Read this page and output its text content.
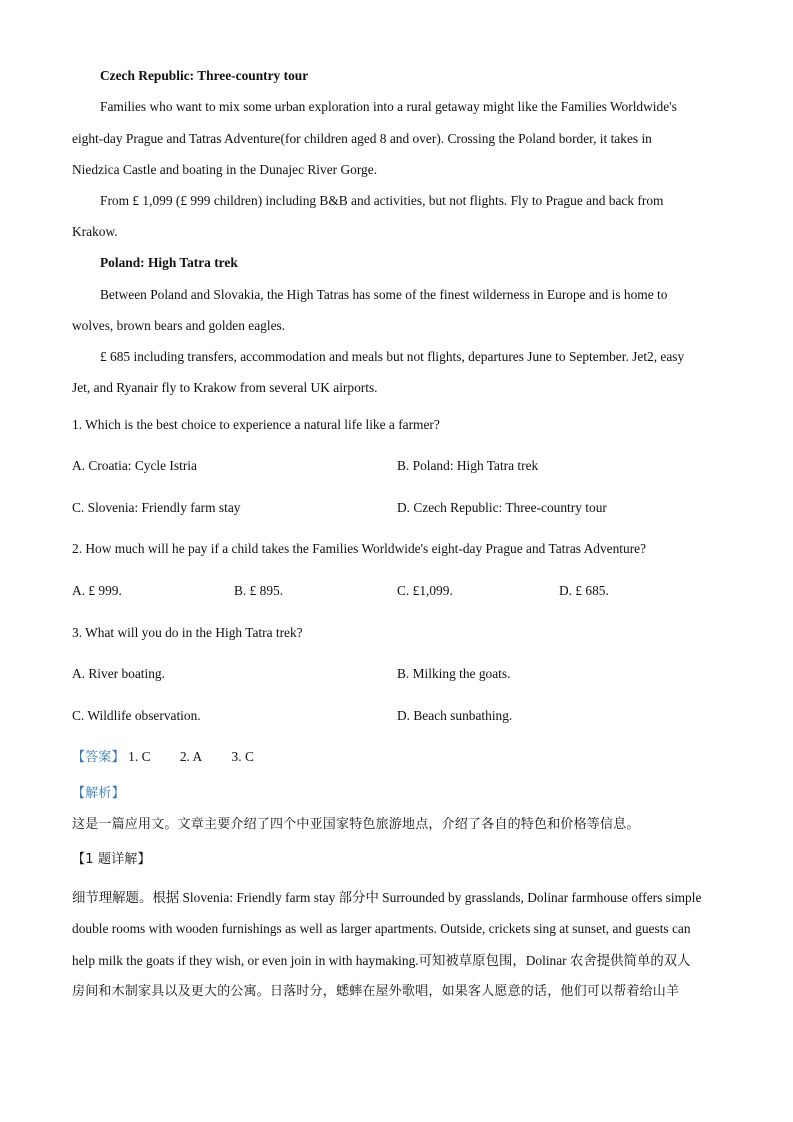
Czech Republic: Three-country tour
Families who want to mix some urban exploration into a rural getaway might like the Families Worldwide's
eight-day Prague and Tatras Adventure(for children aged 8 and over). Crossing the Poland border, it takes in
Niedzica Castle and boating in the Dunajec River Gorge.
From £ 1,099 (£ 999 children) including B&B and activities, but not flights. Fly to Prague and back from
Krakow.
Poland: High Tatra trek
Between Poland and Slovakia, the High Tatras has some of the finest wilderness in Europe and is home to
wolves, brown bears and golden eagles.
£ 685 including transfers, accommodation and meals but not flights, departures June to September. Jet2, easy
Jet, and Ryanair fly to Krakow from several UK airports.
1. Which is the best choice to experience a natural life like a farmer?
A. Croatia: Cycle Istria	B. Poland: High Tatra trek
C. Slovenia: Friendly farm stay	D. Czech Republic: Three-country tour
2. How much will he pay if a child takes the Families Worldwide's eight-day Prague and Tatras Adventure?
A. £ 999.	B. £ 895.	C. £1,099.	D. £ 685.
3. What will you do in the High Tatra trek?
A. River boating.	B. Milking the goats.
C. Wildlife observation.	D. Beach sunbathing.
【答案】 1. C 2. A 3. C
【解析】
这是一篇应用文。文章主要介绍了四个中亚国家特色旅游地点，介绍了各自的特色和价格等信息。
【1 题详解】
细节理解题。根据 Slovenia: Friendly farm stay 部分中 Surrounded by grasslands, Dolinar farmhouse offers simple
double rooms with wooden furnishings as well as larger apartments. Outside, crickets sing at sunset, and guests can
help milk the goats if they wish, or even join in with haymaking.可知被草原包围，Dolinar 农舍提供简单的双人
房间和木制家具以及更大的公寓。日落时分，蟋蟀在屋外歌唱，如果客人愿意的话，他们可以帮着给山羊
